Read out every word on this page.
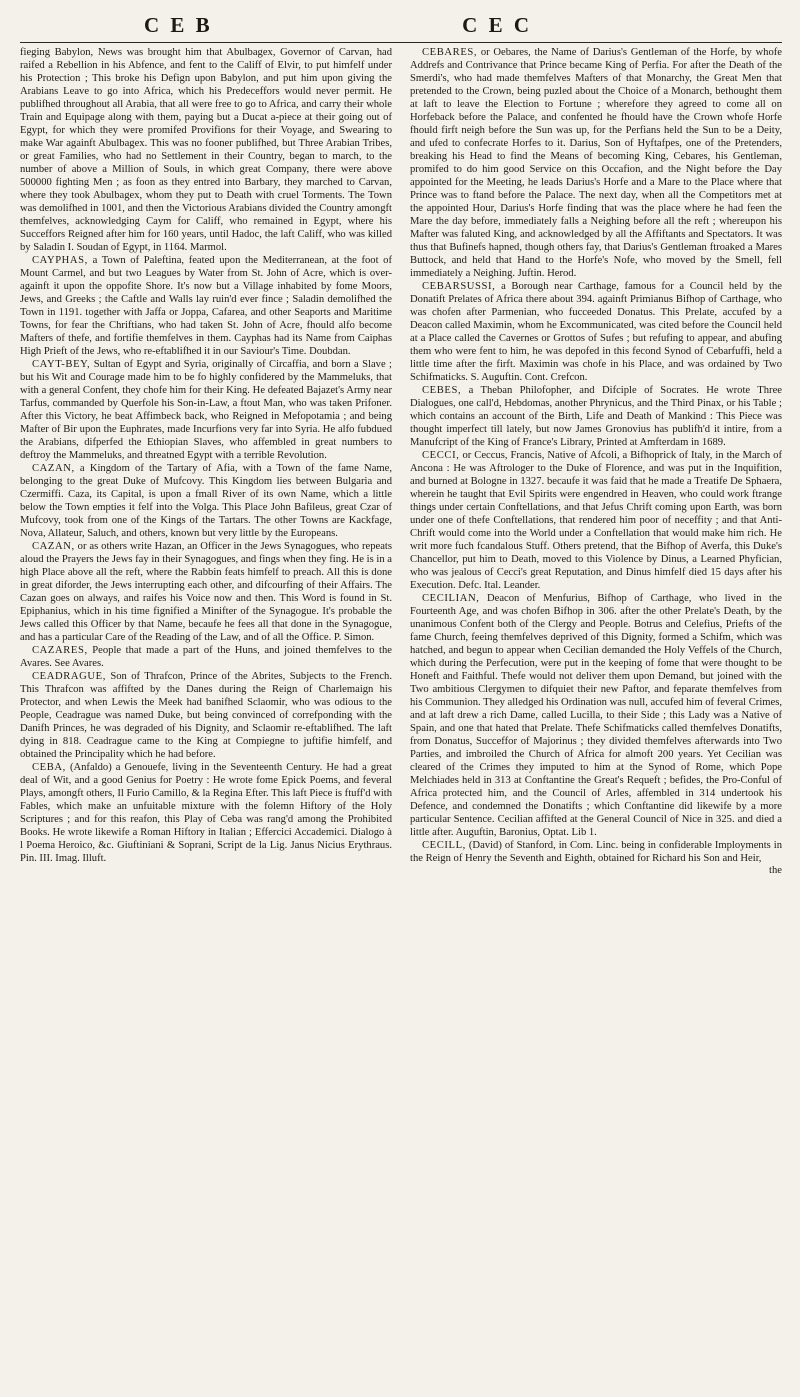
C E B	C E C

fieging Babylon, News was brought him that Abulbagex, Governor of Carvan, had raifed a Rebellion in his Abfence, and fent to the Califf of Elvir, to put himfelf under his Protection ; This broke his Defign upon Babylon, and put him upon giving the Arabians Leave to go into Africa, which his Predeceffors would never permit. He publifhed throughout all Arabia, that all were free to go to Africa, and carry their whole Train and Equipage along with them, paying but a Ducat a-piece at their going out of Egypt, for which they were promifed Provifions for their Voyage, and Swearing to make War againft Abulbagex. This was no fooner publifhed, but Three Arabian Tribes, or great Families, who had no Settlement in their Country, began to march, to the number of above a Million of Souls, in which great Company, there were above 500000 fighting Men ; as foon as they entred into Barbary, they marched to Carvan, where they took Abulbagex, whom they put to Death with cruel Torments. The Town was demolifhed in 1001, and then the Victorious Arabians divided the Country amongft themfelves, acknowledging Caym for Califf, who remained in Egypt, where his Succeffors Reigned after him for 160 years, until Hadoc, the laft Califf, who was killed by Saladin I. Soudan of Egypt, in 1164. Marmol.

CAYPHAS, a Town of Paleftina, feated upon the Mediterranean, at the foot of Mount Carmel, and but two Leagues by Water from St. John of Acre, which is over-againft it upon the oppofite Shore. It's now but a Village inhabited by fome Moors, Jews, and Greeks ; the Caftle and Walls lay ruin'd ever fince ; Saladin demolifhed the Town in 1191. together with Jaffa or Joppa, Cafarea, and other Seaports and Maritime Towns, for fear the Chriftians, who had taken St. John of Acre, fhould alfo become Mafters of thefe, and fortifie themfelves in them. Cayphas had its Name from Caiphas High Prieft of the Jews, who re-eftablifhed it in our Saviour's Time. Doubdan.

CAYT-BEY, Sultan of Egypt and Syria, originally of Circaffia, and born a Slave ; but his Wit and Courage made him to be fo highly confidered by the Mammeluks, that with a general Confent, they chofe him for their King. He defeated Bajazet's Army near Tarfus, commanded by Querfole his Son-in-Law, a ftout Man, who was taken Prifoner. After this Victory, he beat Affimbeck back, who Reigned in Mefopotamia ; and being Mafter of Bir upon the Euphrates, made Incurfions very far into Syria. He alfo fubdued the Arabians, difperfed the Ethiopian Slaves, who affembled in great numbers to deftroy the Mammeluks, and threatned Egypt with a terrible Revolution.

CAZAN, a Kingdom of the Tartary of Afia, with a Town of the fame Name, belonging to the great Duke of Mufcovy. This Kingdom lies between Bulgaria and Czermiffi. Caza, its Capital, is upon a fmall River of its own Name, which a little below the Town empties it felf into the Volga. This Place John Bafileus, great Czar of Mufcovy, took from one of the Kings of the Tartars. The other Towns are Kackfage, Nova, Allateur, Saluch, and others, known but very little by the Europeans.

CAZAN, or as others write Hazan, an Officer in the Jews Synagogues, who repeats aloud the Prayers the Jews fay in their Synagogues, and fings when they fing. He is in a high Place above all the reft, where the Rabbin feats himfelf to preach. All this is done in great diforder, the Jews interrupting each other, and difcourfing of their Affairs. The Cazan goes on always, and raifes his Voice now and then. This Word is found in St. Epiphanius, which in his time fignified a Minifter of the Synagogue. It's probable the Jews called this Officer by that Name, becaufe he fees all that done in the Synagogue, and has a particular Care of the Reading of the Law, and of all the Office. P. Simon.

CAZARES, People that made a part of the Huns, and joined themfelves to the Avares. See Avares.

CEADRAGUE, Son of Thrafcon, Prince of the Abrites, Subjects to the French. This Thrafcon was affifted by the Danes during the Reign of Charlemaign his Protector, and when Lewis the Meek had banifhed Sclaomir, who was odious to the People, Ceadrague was named Duke, but being convinced of correfponding with the Danifh Princes, he was degraded of his Dignity, and Sclaomir re-eftablifhed. The laft dying in 818. Ceadrague came to the King at Compiegne to juftifie himfelf, and obtained the Principality which he had before.

CEBA, (Anfaldo) a Genouefe, living in the Seventeenth Century. He had a great deal of Wit, and a good Genius for Poetry : He wrote fome Epick Poems, and feveral Plays, amongft others, Il Furio Camillo, & la Regina Efter. This laft Piece is ftuff'd with Fables, which make an unfuitable mixture with the folemn Hiftory of the Holy Scriptures ; and for this reafon, this Play of Ceba was rang'd among the Prohibited Books. He wrote likewife a Roman Hiftory in Italian ; Effercici Accademici. Dialogo à l Poema Heroico, &c. Giuftiniani & Soprani, Script de la Lig. Janus Nicius Erythraus. Pin. III. Imag. Illuft.

CEBARES, or Oebares, the Name of Darius's Gentleman of the Horfe, by whofe Addrefs and Contrivance that Prince became King of Perfia. For after the Death of the Smerdi's, who had made themfelves Mafters of that Monarchy, the Great Men that pretended to the Crown, being puzled about the Choice of a Monarch, bethought them at laft to leave the Election to Fortune ; wherefore they agreed to come all on Horfeback before the Palace, and confented he fhould have the Crown whofe Horfe fhould firft neigh before the Sun was up, for the Perfians held the Sun to be a Deity, and ufed to confecrate Horfes to it. Darius, Son of Hyftafpes, one of the Pretenders, breaking his Head to find the Means of becoming King, Cebares, his Gentleman, promifed to do him good Service on this Occafion, and the Night before the Day appointed for the Meeting, he leads Darius's Horfe and a Mare to the Place where that Prince was to ftand before the Palace. The next day, when all the Competitors met at the appointed Hour, Darius's Horfe finding that was the place where he had feen the Mare the day before, immediately falls a Neighing before all the reft ; whereupon his Mafter was faluted King, and acknowledged by all the Affiftants and Spectators. It was thus that Bufinefs hapned, though others fay, that Darius's Gentleman ftroaked a Mares Buttock, and held that Hand to the Horfe's Nofe, who moved by the Smell, fell immediately a Neighing. Juftin. Herod.

CEBARSUSSI, a Borough near Carthage, famous for a Council held by the Donatift Prelates of Africa there about 394. againft Primianus Bifhop of Carthage, who was chofen after Parmenian, who fucceeded Donatus. This Prelate, accufed by a Deacon called Maximin, whom he Excommunicated, was cited before the Council held at a Place called the Cavernes or Grottos of Sufes ; but refufing to appear, and abufing them who were fent to him, he was depofed in this fecond Synod of Cebarfuffi, held a little time after the firft. Maximin was chofe in his Place, and was ordained by Two Schifmaticks. S. Auguftin. Cont. Crefcon.

CEBES, a Theban Philofopher, and Difciple of Socrates. He wrote Three Dialogues, one call'd, Hebdomas, another Phrynicus, and the Third Pinax, or his Table ; which contains an account of the Birth, Life and Death of Mankind : This Piece was thought imperfect till lately, but now James Gronovius has publifh'd it intire, from a Manufcript of the King of France's Library, Printed at Amfterdam in 1689.

CECCI, or Ceccus, Francis, Native of Afcoli, a Bifhoprick of Italy, in the March of Ancona : He was Aftrologer to the Duke of Florence, and was put in the Inquifition, and burned at Bologne in 1327. becaufe it was faid that he made a Treatife De Sphaera, wherein he taught that Evil Spirits were engendred in Heaven, who could work ftrange things under certain Conftellations, and that Jefus Chrift coming upon Earth, was born under one of thefe Conftellations, that rendered him poor of neceffity ; and that Anti-Chrift would come into the World under a Conftellation that would make him rich. He writ more fuch fcandalous Stuff. Others pretend, that the Bifhop of Averfa, this Duke's Chancellor, put him to Death, moved to this Violence by Dinus, a Learned Phyfician, who was jealous of Cecci's great Reputation, and Dinus himfelf died 15 days after his Execution. Defc. Ital. Leander.

CECILIAN, Deacon of Menfurius, Bifhop of Carthage, who lived in the Fourteenth Age, and was chofen Bifhop in 306. after the other Prelate's Death, by the unanimous Confent both of the Clergy and People. Botrus and Celefius, Priefts of the fame Church, feeing themfelves deprived of this Dignity, formed a Schifm, which was hatched, and begun to appear when Cecilian demanded the Holy Veffels of the Church, which during the Perfecution, were put in the keeping of fome that were thought to be Honeft and Faithful. Thefe would not deliver them upon Demand, but joined with the Two ambitious Clergymen to difquiet their new Paftor, and feparate themfelves from his Communion. They alledged his Ordination was null, accufed him of feveral Crimes, and at laft drew a rich Dame, called Lucilla, to their Side ; this Lady was a Native of Spain, and one that hated that Prelate. Thefe Schifmaticks called themfelves Donatifts, from Donatus, Succeffor of Majorinus ; they divided themfelves afterwards into Two Parties, and imbroiled the Church of Africa for almoft 200 years. Yet Cecilian was cleared of the Crimes they imputed to him at the Synod of Rome, which Pope Melchiades held in 313 at Conftantine the Great's Requeft ; befides, the Pro-Conful of Africa protected him, and the Council of Arles, affembled in 314 undertook his Defence, and condemned the Donatifts ; which Conftantine did likewife by a more particular Sentence. Cecilian affifted at the General Council of Nice in 325. and died a little after. Auguftin, Baronius, Optat. Lib 1.

CECILL, (David) of Stanford, in Com. Linc. being in confiderable Imployments in the Reign of Henry the Seventh and Eighth, obtained for Richard his Son and Heir,

the
